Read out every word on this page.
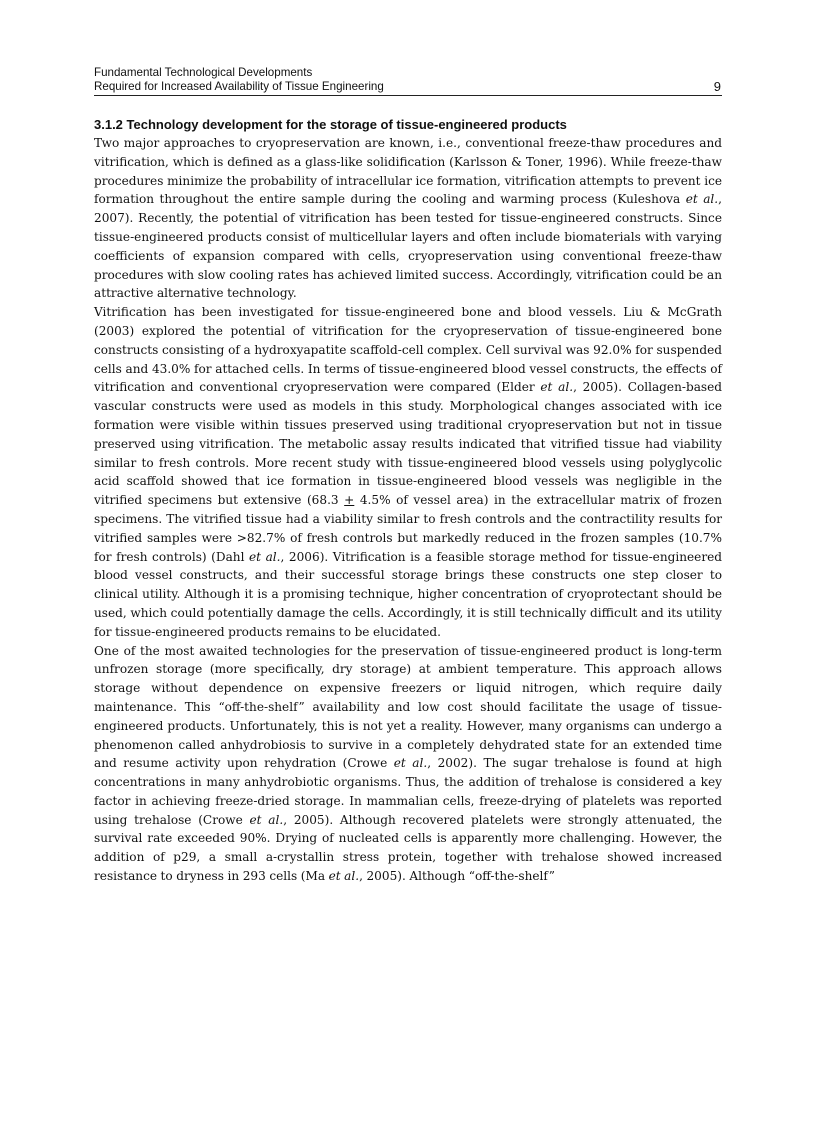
Fundamental Technological Developments
Required for Increased Availability of Tissue Engineering	9
3.1.2 Technology development for the storage of tissue-engineered products

Two major approaches to cryopreservation are known, i.e., conventional freeze-thaw procedures and vitrification, which is defined as a glass-like solidification (Karlsson & Toner, 1996). While freeze-thaw procedures minimize the probability of intracellular ice formation, vitrification attempts to prevent ice formation throughout the entire sample during the cooling and warming process (Kuleshova et al., 2007). Recently, the potential of vitrification has been tested for tissue-engineered constructs. Since tissue-engineered products consist of multicellular layers and often include biomaterials with varying coefficients of expansion compared with cells, cryopreservation using conventional freeze-thaw procedures with slow cooling rates has achieved limited success. Accordingly, vitrification could be an attractive alternative technology.

Vitrification has been investigated for tissue-engineered bone and blood vessels. Liu & McGrath (2003) explored the potential of vitrification for the cryopreservation of tissue-engineered bone constructs consisting of a hydroxyapatite scaffold-cell complex. Cell survival was 92.0% for suspended cells and 43.0% for attached cells. In terms of tissue-engineered blood vessel constructs, the effects of vitrification and conventional cryopreservation were compared (Elder et al., 2005). Collagen-based vascular constructs were used as models in this study. Morphological changes associated with ice formation were visible within tissues preserved using traditional cryopreservation but not in tissue preserved using vitrification. The metabolic assay results indicated that vitrified tissue had viability similar to fresh controls. More recent study with tissue-engineered blood vessels using polyglycolic acid scaffold showed that ice formation in tissue-engineered blood vessels was negligible in the vitrified specimens but extensive (68.3 + 4.5% of vessel area) in the extracellular matrix of frozen specimens. The vitrified tissue had a viability similar to fresh controls and the contractility results for vitrified samples were >82.7% of fresh controls but markedly reduced in the frozen samples (10.7% for fresh controls) (Dahl et al., 2006). Vitrification is a feasible storage method for tissue-engineered blood vessel constructs, and their successful storage brings these constructs one step closer to clinical utility. Although it is a promising technique, higher concentration of cryoprotectant should be used, which could potentially damage the cells. Accordingly, it is still technically difficult and its utility for tissue-engineered products remains to be elucidated.

One of the most awaited technologies for the preservation of tissue-engineered product is long-term unfrozen storage (more specifically, dry storage) at ambient temperature. This approach allows storage without dependence on expensive freezers or liquid nitrogen, which require daily maintenance. This “off-the-shelf” availability and low cost should facilitate the usage of tissue-engineered products. Unfortunately, this is not yet a reality. However, many organisms can undergo a phenomenon called anhydrobiosis to survive in a completely dehydrated state for an extended time and resume activity upon rehydration (Crowe et al., 2002). The sugar trehalose is found at high concentrations in many anhydrobiotic organisms. Thus, the addition of trehalose is considered a key factor in achieving freeze-dried storage. In mammalian cells, freeze-drying of platelets was reported using trehalose (Crowe et al., 2005). Although recovered platelets were strongly attenuated, the survival rate exceeded 90%. Drying of nucleated cells is apparently more challenging. However, the addition of p29, a small a-crystallin stress protein, together with trehalose showed increased resistance to dryness in 293 cells (Ma et al., 2005). Although “off-the-shelf”
